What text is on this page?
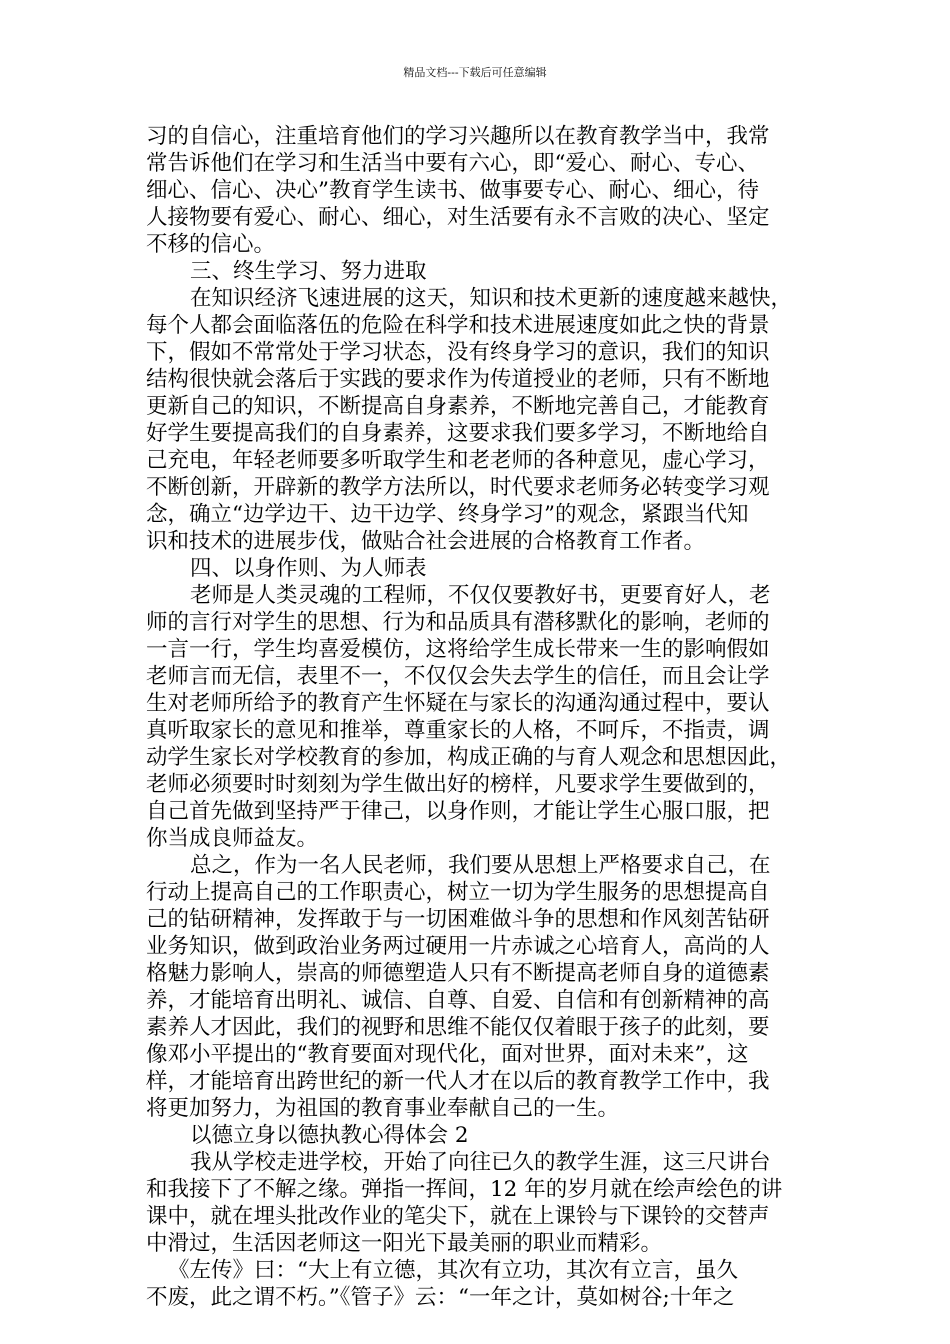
精品文档---下载后可任意编辑
习的自信心，注重培育他们的学习兴趣所以在教育教学当中，我常
常告诉他们在学习和生活当中要有六心，即“爱心、耐心、专心、
细心、信心、决心”教育学生读书、做事要专心、耐心、细心，待
人接物要有爱心、耐心、细心，对生活要有永不言败的决心、坚定
不移的信心。
三、终生学习、努力进取
在知识经济飞速进展的这天，知识和技术更新的速度越来越快，
每个人都会面临落伍的危险在科学和技术进展速度如此之快的背景
下，假如不常常处于学习状态，没有终身学习的意识，我们的知识
结构很快就会落后于实践的要求作为传道授业的老师，只有不断地
更新自己的知识，不断提高自身素养，不断地完善自己，才能教育
好学生要提高我们的自身素养，这要求我们要多学习，不断地给自
己充电，年轻老师要多听取学生和老老师的各种意见，虚心学习，
不断创新，开辟新的教学方法所以，时代要求老师务必转变学习观
念，确立“边学边干、边干边学、终身学习”的观念，紧跟当代知
识和技术的进展步伐，做贴合社会进展的合格教育工作者。
四、以身作则、为人师表
老师是人类灵魂的工程师，不仅仅要教好书，更要育好人，老
师的言行对学生的思想、行为和品质具有潜移默化的影响，老师的
一言一行，学生均喜爱模仿，这将给学生成长带来一生的影响假如
老师言而无信，表里不一，不仅仅会失去学生的信任，而且会让学
生对老师所给予的教育产生怀疑在与家长的沟通沟通过程中，要认
真听取家长的意见和推举，尊重家长的人格，不呵斥，不指责，调
动学生家长对学校教育的参加，构成正确的与育人观念和思想因此，
老师必须要时时刻刻为学生做出好的榜样，凡要求学生要做到的，
自己首先做到坚持严于律己，以身作则，才能让学生心服口服，把
你当成良师益友。
总之，作为一名人民老师，我们要从思想上严格要求自己，在
行动上提高自己的工作职责心，树立一切为学生服务的思想提高自
己的钻研精神，发挥敢于与一切困难做斗争的思想和作风刻苦钻研
业务知识，做到政治业务两过硬用一片赤诚之心培育人，高尚的人
格魅力影响人，崇高的师德塑造人只有不断提高老师自身的道德素
养，才能培育出明礼、诚信、自尊、自爱、自信和有创新精神的高
素养人才因此，我们的视野和思维不能仅仅着眼于孩子的此刻，要
像邓小平提出的“教育要面对现代化，面对世界，面对未来”，这
样，才能培育出跨世纪的新一代人才在以后的教育教学工作中，我
将更加努力，为祖国的教育事业奉献自己的一生。
以德立身以德执教心得体会 2
我从学校走进学校，开始了向往已久的教学生涯，这三尺讲台
和我接下了不解之缘。弹指一挥间，12 年的岁月就在绘声绘色的讲
课中，就在埋头批改作业的笔尖下，就在上课铃与下课铃的交替声
中滑过，生活因老师这一阳光下最美丽的职业而精彩。
《左传》曰：“大上有立德，其次有立功，其次有立言，虽久
不废，此之谓不朽。”《管子》云：“一年之计，莫如树谷;十年之
